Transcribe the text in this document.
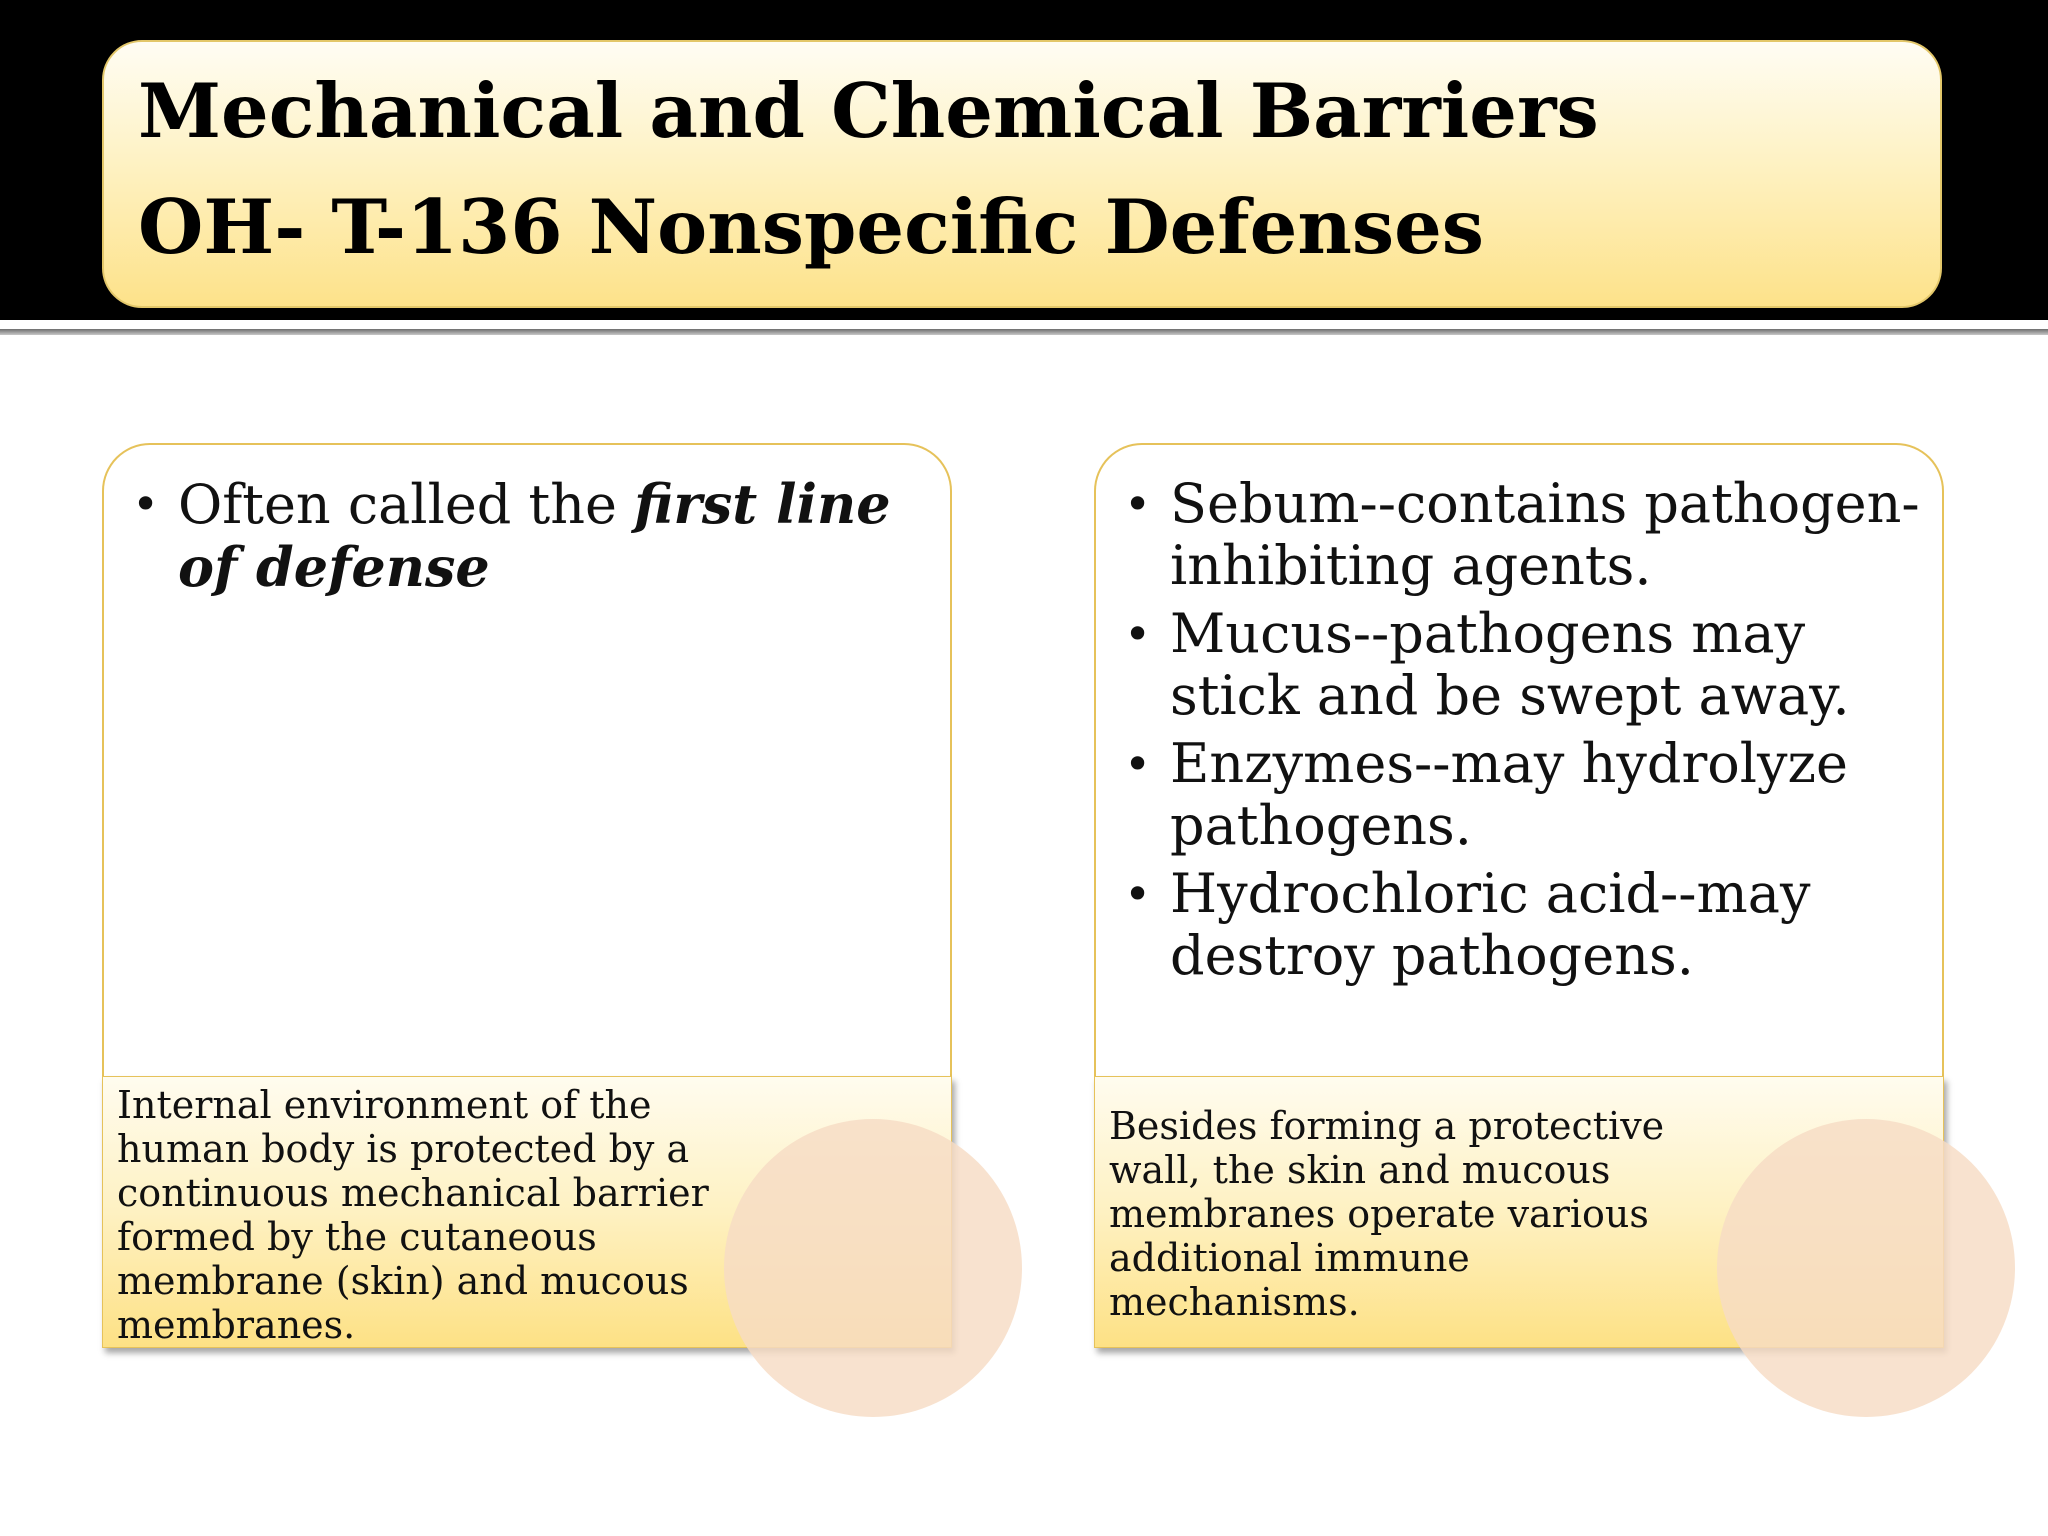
Mechanical and Chemical Barriers
OH- T-136 Nonspecific Defenses
• Often called the first line of defense

Internal environment of the human body is protected by a continuous mechanical barrier formed by the cutaneous membrane (skin) and mucous membranes.

• Sebum--contains pathogen-inhibiting agents.
• Mucus--pathogens may stick and be swept away.
• Enzymes--may hydrolyze pathogens.
• Hydrochloric acid--may destroy pathogens.

Besides forming a protective wall, the skin and mucous membranes operate various additional immune mechanisms.
